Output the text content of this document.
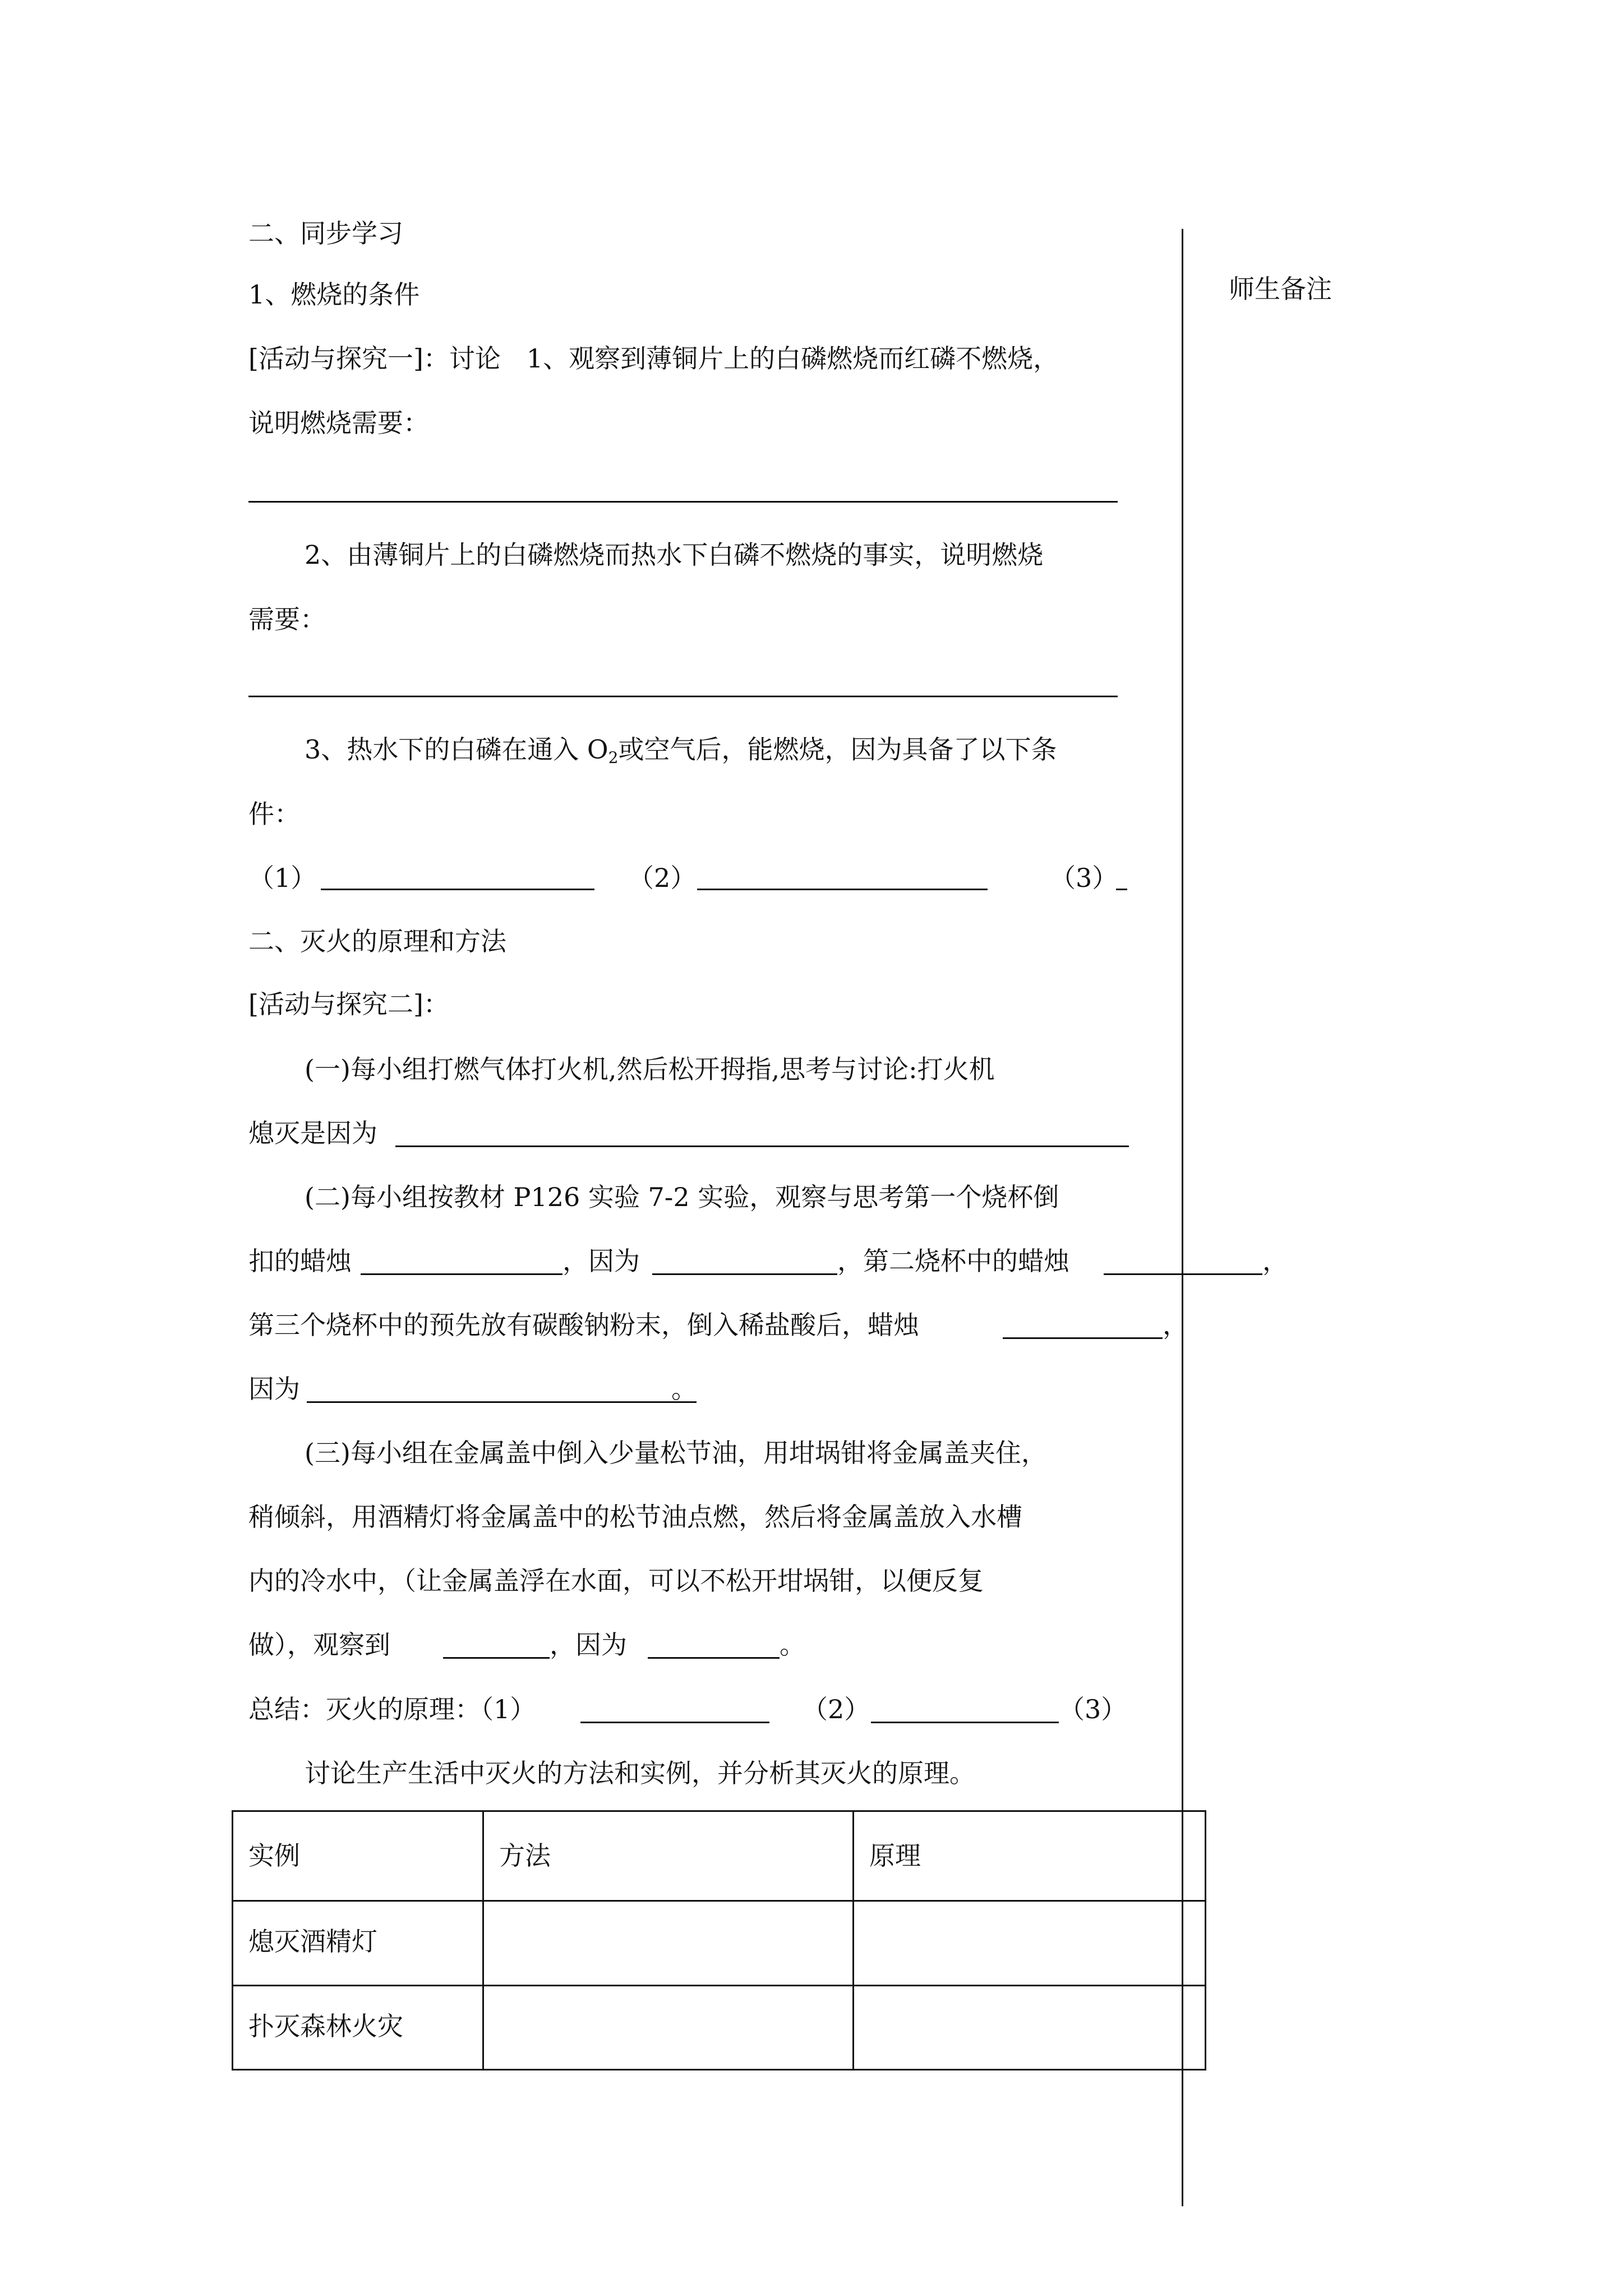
师生备注
二、同步学习
1、燃烧的条件
[活动与探究一]：讨论　1、观察到薄铜片上的白磷燃烧而红磷不燃烧，
说明燃烧需要：
2、由薄铜片上的白磷燃烧而热水下白磷不燃烧的事实，说明燃烧
需要：
3、热水下的白磷在通入 $O_2$或空气后，能燃烧，因为具备了以下条
件：
（1）	（2）	（3）
二、灭火的原理和方法
[活动与探究二]：
(一)每小组打燃气体打火机,然后松开拇指,思考与讨论:打火机
熄灭是因为
(二)每小组按教材 P126 实验 7-2 实验，观察与思考第一个烧杯倒
扣的蜡烛	，因为	，第二烧杯中的蜡烛	，
第三个烧杯中的预先放有碳酸钠粉末，倒入稀盐酸后，蜡烛	，
因为	。
(三)每小组在金属盖中倒入少量松节油，用坩埚钳将金属盖夹住，
稍倾斜，用酒精灯将金属盖中的松节油点燃，然后将金属盖放入水槽
内的冷水中，（让金属盖浮在水面，可以不松开坩埚钳，以便反复
做），观察到	，因为	。
总结：灭火的原理：（1）	（2）	（3）
讨论生产生活中灭火的方法和实例，并分析其灭火的原理。
实例	方法	原理
熄灭酒精灯
扑灭森林火灾
